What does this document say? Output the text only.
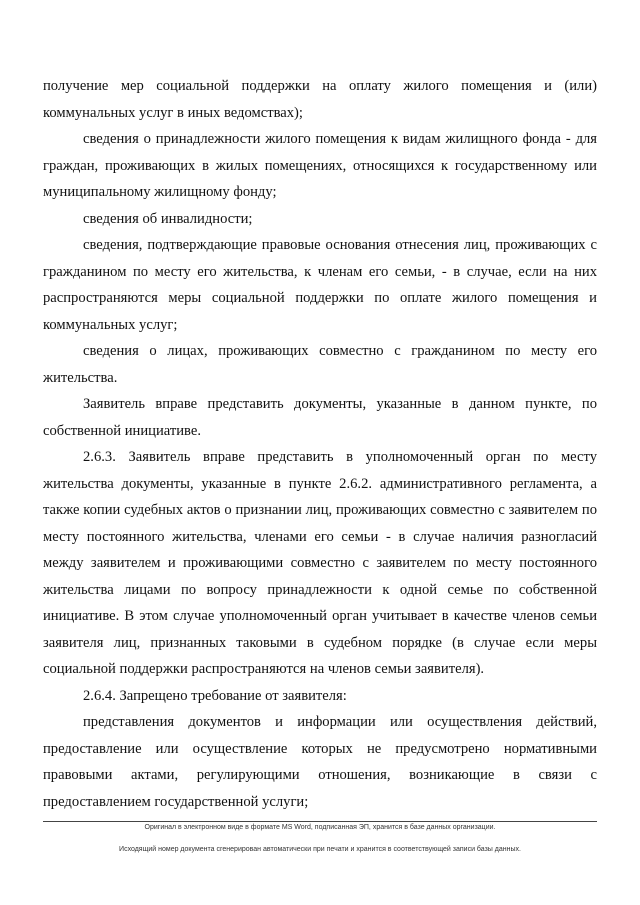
получение мер социальной поддержки на оплату жилого помещения и (или) коммунальных услуг в иных ведомствах);

сведения о принадлежности жилого помещения к видам жилищного фонда - для граждан, проживающих в жилых помещениях, относящихся к государственному или муниципальному жилищному фонду;

сведения об инвалидности;

сведения, подтверждающие правовые основания отнесения лиц, проживающих с гражданином по месту его жительства, к членам его семьи, - в случае, если на них распространяются меры социальной поддержки по оплате жилого помещения и коммунальных услуг;

сведения о лицах, проживающих совместно с гражданином по месту его жительства.

Заявитель вправе представить документы, указанные в данном пункте, по собственной инициативе.

2.6.3. Заявитель вправе представить в уполномоченный орган по месту жительства документы, указанные в пункте 2.6.2. административного регламента, а также копии судебных актов о признании лиц, проживающих совместно с заявителем по месту постоянного жительства, членами его семьи - в случае наличия разногласий между заявителем и проживающими совместно с заявителем по месту постоянного жительства лицами по вопросу принадлежности к одной семье по собственной инициативе. В этом случае уполномоченный орган учитывает в качестве членов семьи заявителя лиц, признанных таковыми в судебном порядке (в случае если меры социальной поддержки распространяются на членов семьи заявителя).

2.6.4. Запрещено требование от заявителя:

представления документов и информации или осуществления действий, предоставление или осуществление которых не предусмотрено нормативными правовыми актами, регулирующими отношения, возникающие в связи с предоставлением государственной услуги;

Оригинал в электронном виде в формате MS Word, подписанная ЭП, хранится в базе данных организации.
Исходящий номер документа сгенерирован автоматически при печати и хранится в соответствующей записи базы данных.
